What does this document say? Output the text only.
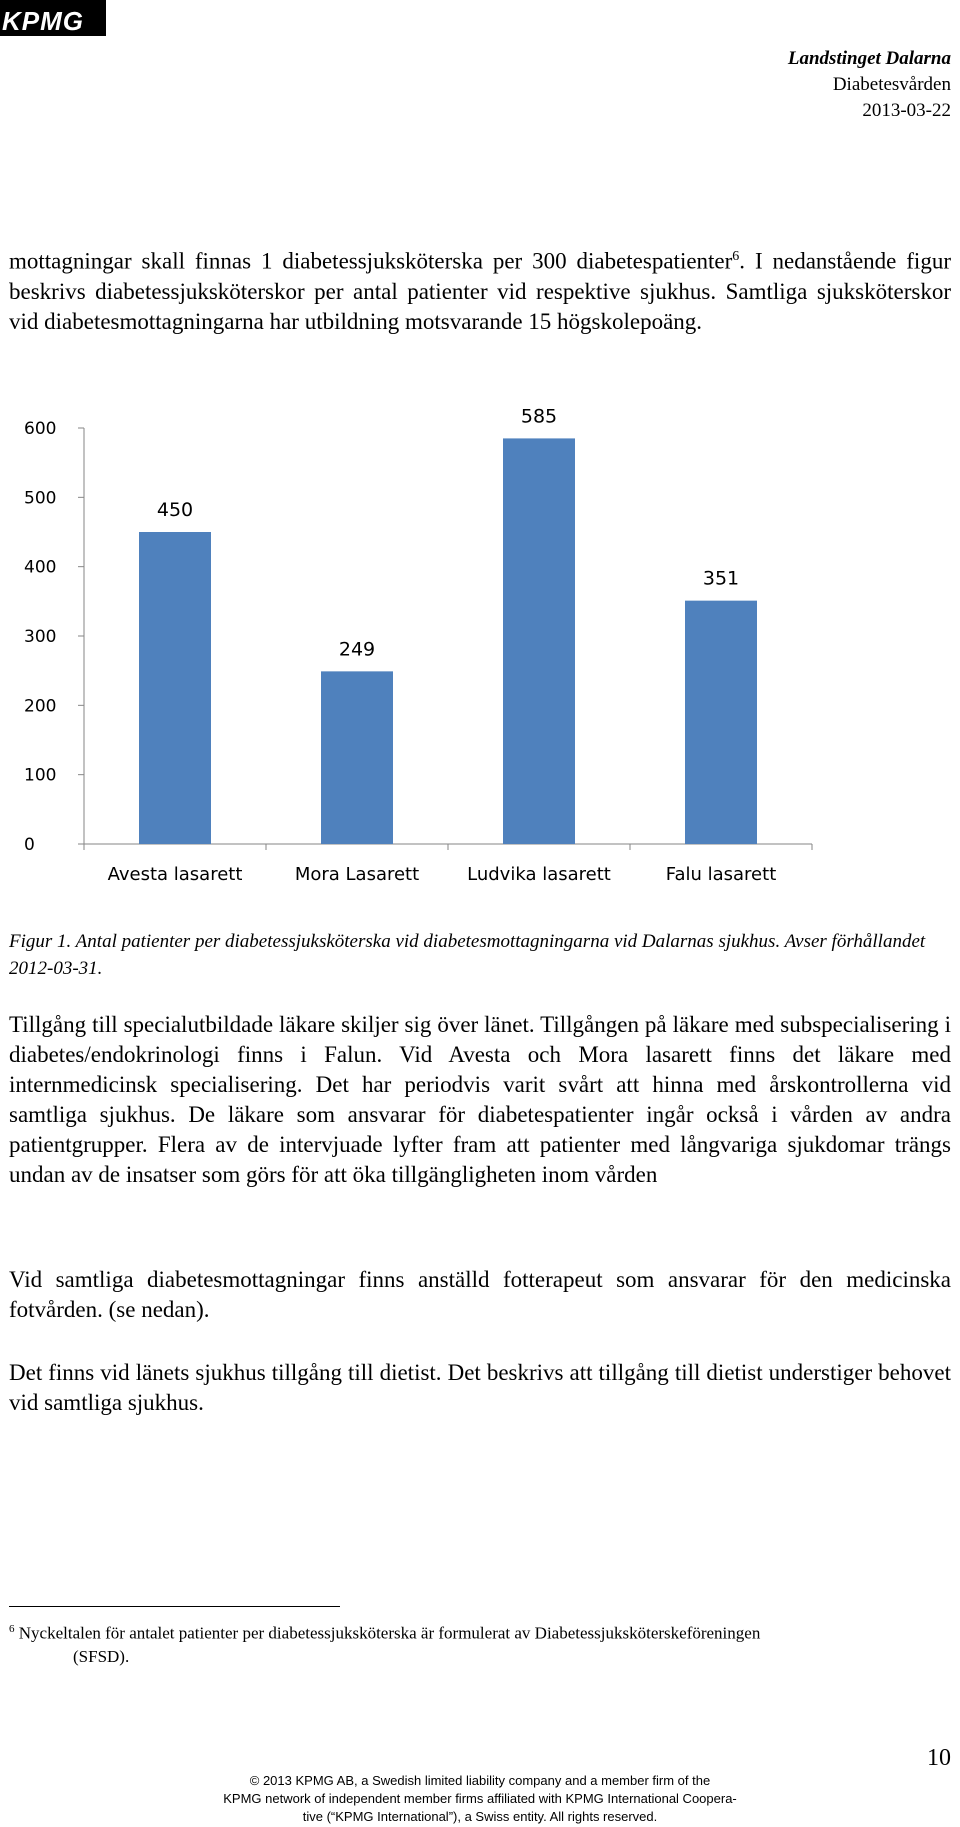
KPMG
Landstinget Dalarna
Diabetesvården
2013-03-22

mottagningar skall finnas 1 diabetessjuksköterska per 300 diabetespatienter$^6$. I nedanstående figur beskrivs diabetessjuksköterskor per antal patienter vid respektive sjukhus. Samtliga sjuksköterskor vid diabetesmottagningarna har utbildning motsvarande 15 högskolepoäng.

0
100
200
300
400
500
600
450
Avesta lasarett
249
Mora Lasarett
585
Ludvika lasarett
351
Falu lasarett

Figur 1. Antal patienter per diabetessjuksköterska vid diabetesmottagningarna vid Dalarnas sjukhus. Avser förhållandet 2012-03-31.

Tillgång till specialutbildade läkare skiljer sig över länet. Tillgången på läkare med subspecialisering i diabetes/endokrinologi finns i Falun. Vid Avesta och Mora lasarett finns det läkare med internmedicinsk specialisering. Det har periodvis varit svårt att hinna med årskontrollerna vid samtliga sjukhus. De läkare som ansvarar för diabetespatienter ingår också i vården av andra patientgrupper. Flera av de intervjuade lyfter fram att patienter med långvariga sjukdomar trängs undan av de insatser som görs för att öka tillgängligheten inom vården

Vid samtliga diabetesmottagningar finns anställd fotterapeut som ansvarar för den medicinska fotvården. (se nedan).

Det finns vid länets sjukhus tillgång till dietist. Det beskrivs att tillgång till dietist understiger behovet vid samtliga sjukhus.

$^6$ Nyckeltalen för antalet patienter per diabetessjuksköterska är formulerat av Diabetessjuksköterskeföreningen
(SFSD).

10
© 2013 KPMG AB, a Swedish limited liability company and a member firm of the
KPMG network of independent member firms affiliated with KPMG International Coopera-
tive (“KPMG International”), a Swiss entity. All rights reserved.
